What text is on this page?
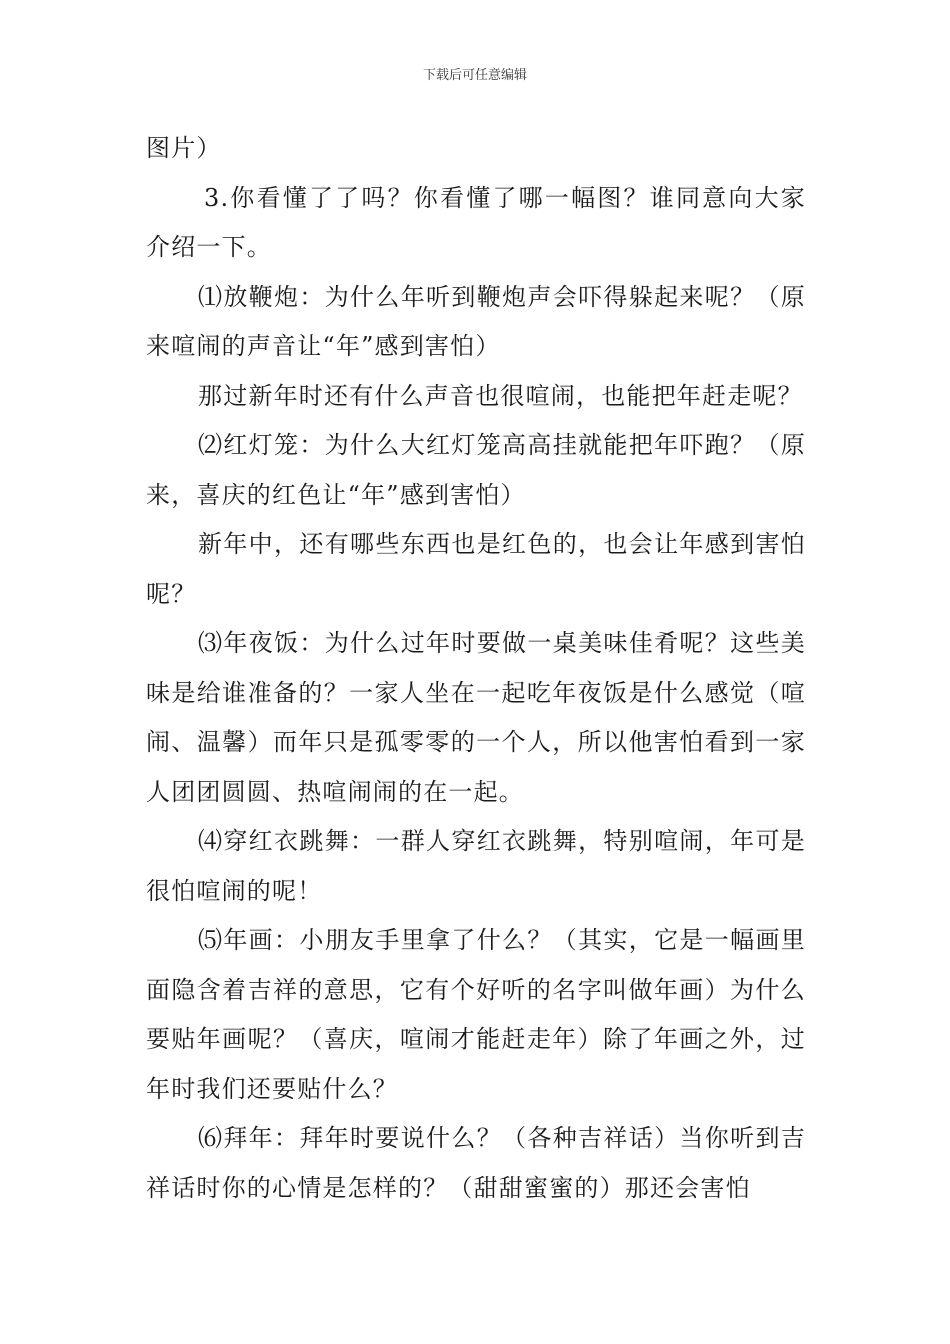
下载后可任意编辑

图片）

3.你看懂了了吗？你看懂了哪一幅图？谁同意向大家介绍一下。

⑴放鞭炮：为什么年听到鞭炮声会吓得躲起来呢？（原来喧闹的声音让“年”感到害怕）

那过新年时还有什么声音也很喧闹，也能把年赶走呢？

⑵红灯笼：为什么大红灯笼高高挂就能把年吓跑？（原来，喜庆的红色让“年”感到害怕）

新年中，还有哪些东西也是红色的，也会让年感到害怕呢？

⑶年夜饭：为什么过年时要做一桌美味佳肴呢？这些美味是给谁准备的？一家人坐在一起吃年夜饭是什么感觉（喧闹、温馨）而年只是孤零零的一个人，所以他害怕看到一家人团团圆圆、热喧闹闹的在一起。

⑷穿红衣跳舞：一群人穿红衣跳舞，特别喧闹，年可是很怕喧闹的呢！

⑸年画：小朋友手里拿了什么？（其实，它是一幅画里面隐含着吉祥的意思，它有个好听的名字叫做年画）为什么要贴年画呢？（喜庆，喧闹才能赶走年）除了年画之外，过年时我们还要贴什么？

⑹拜年：拜年时要说什么？（各种吉祥话）当你听到吉祥话时你的心情是怎样的？（甜甜蜜蜜的）那还会害怕
